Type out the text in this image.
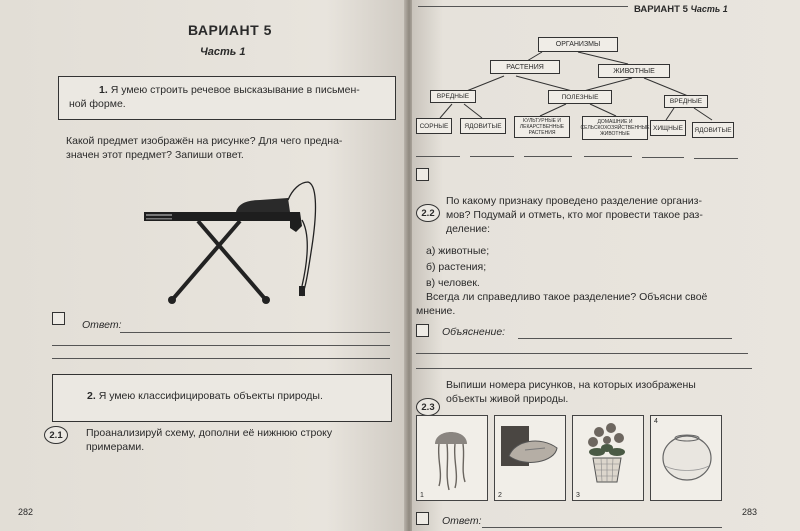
ВАРИАНТ 5
Часть 1
1. Я умею строить речевое высказывание в письмен-
ной форме.
Какой предмет изображён на рисунке? Для чего предна-
значен этот предмет? Запиши ответ.
Ответ:
2. Я умею классифицировать объекты природы.
2.1	Проанализируй схему, дополни её нижнюю строку
примерами.
282
ВАРИАНТ 5 Часть 1
ОРГАНИЗМЫ
РАСТЕНИЯ
ЖИВОТНЫЕ
ВРЕДНЫЕ	ПОЛЕЗНЫЕ
ВРЕДНЫЕ
СОРНЫЕ	ЯДОВИТЫЕ
КУЛЬТУРНЫЕ И ЛЕКАРСТВЕННЫЕ РАСТЕНИЯ
ДОМАШНИЕ И СЕЛЬСКОХОЗЯЙСТВЕННЫЕ ЖИВОТНЫЕ
ХИЩНЫЕ	ЯДОВИТЫЕ
2.2
По какому признаку проведено разделение организ-
мов? Подумай и отметь, кто мог провести такое раз-
деление:
а) животные;
б) растения;
в) человек.
Всегда ли справедливо такое разделение? Объясни своё
мнение.
Объяснение:
2.3
Выпиши номера рисунков, на которых изображены
объекты живой природы.
1	2	3
4
Ответ:
283
